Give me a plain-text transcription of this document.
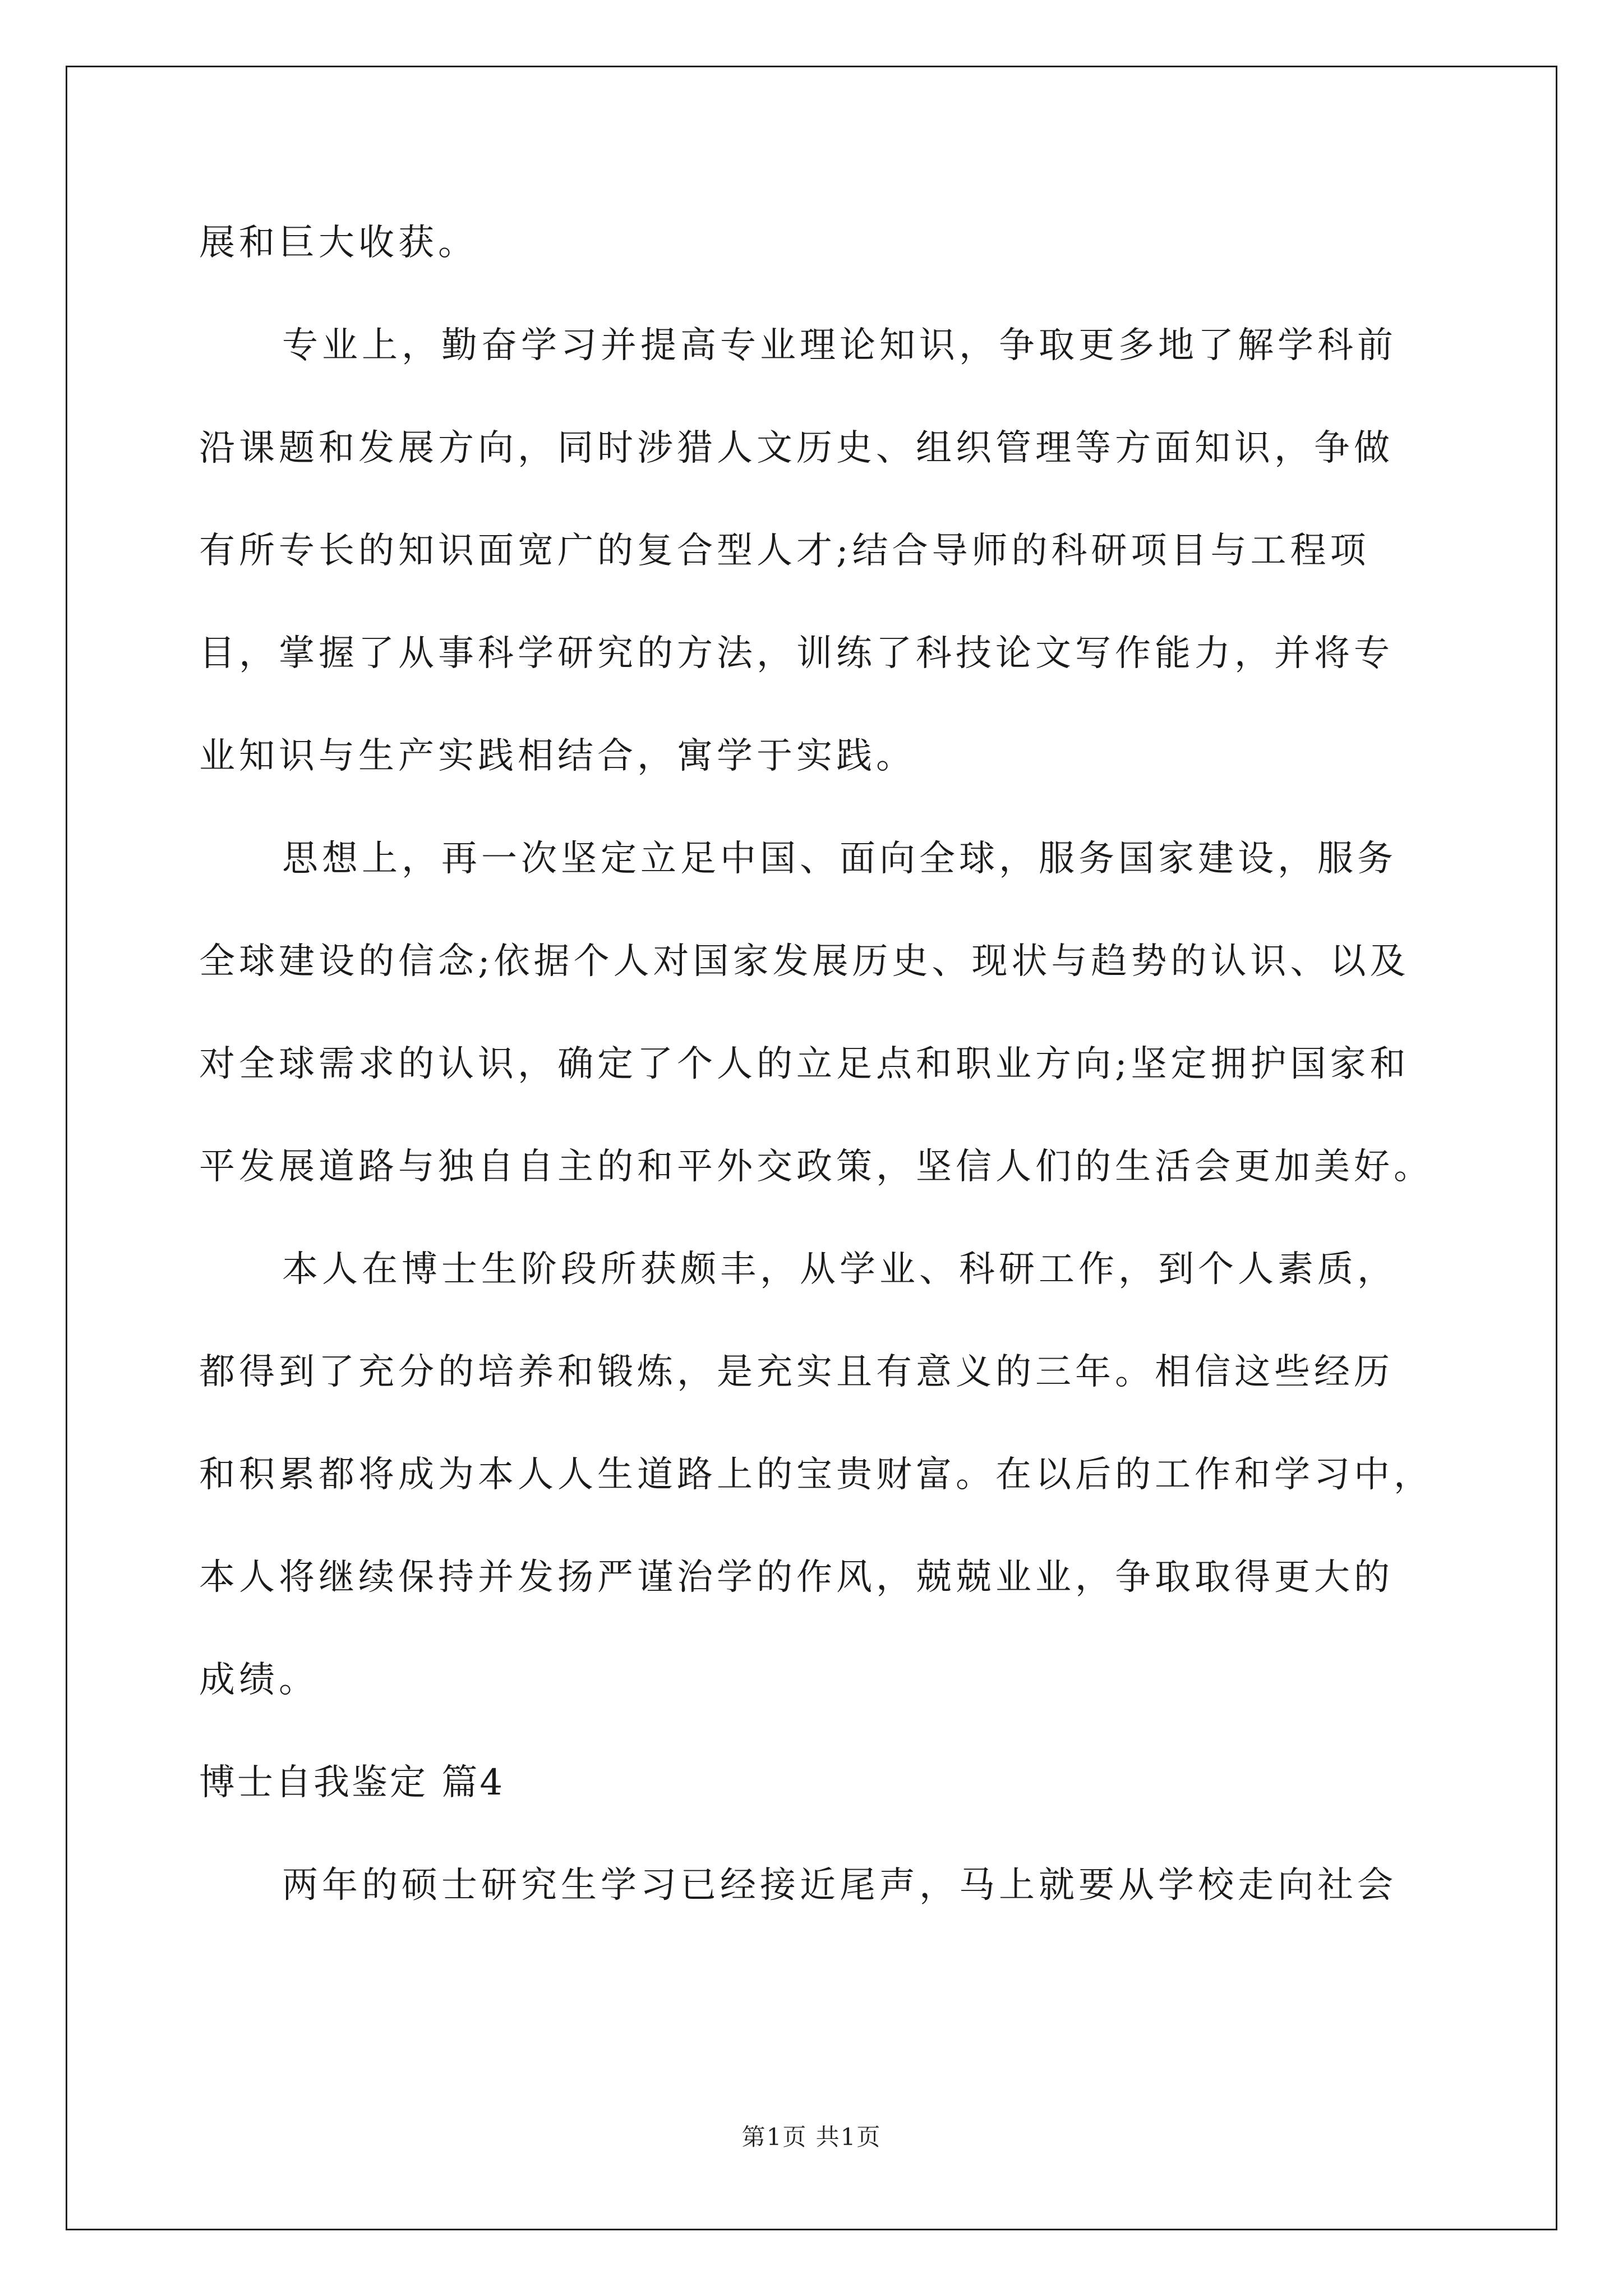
展和巨大收获。
专业上，勤奋学习并提高专业理论知识，争取更多地了解学科前
沿课题和发展方向，同时涉猎人文历史、组织管理等方面知识，争做
有所专长的知识面宽广的复合型人才;结合导师的科研项目与工程项
目，掌握了从事科学研究的方法，训练了科技论文写作能力，并将专
业知识与生产实践相结合，寓学于实践。
思想上，再一次坚定立足中国、面向全球，服务国家建设，服务
全球建设的信念;依据个人对国家发展历史、现状与趋势的认识、以及
对全球需求的认识，确定了个人的立足点和职业方向;坚定拥护国家和
平发展道路与独自自主的和平外交政策，坚信人们的生活会更加美好。
本人在博士生阶段所获颇丰，从学业、科研工作，到个人素质，
都得到了充分的培养和锻炼，是充实且有意义的三年。相信这些经历
和积累都将成为本人人生道路上的宝贵财富。在以后的工作和学习中，
本人将继续保持并发扬严谨治学的作风，兢兢业业，争取取得更大的
成绩。
博士自我鉴定 篇4
两年的硕士研究生学习已经接近尾声，马上就要从学校走向社会
第1页 共1页
